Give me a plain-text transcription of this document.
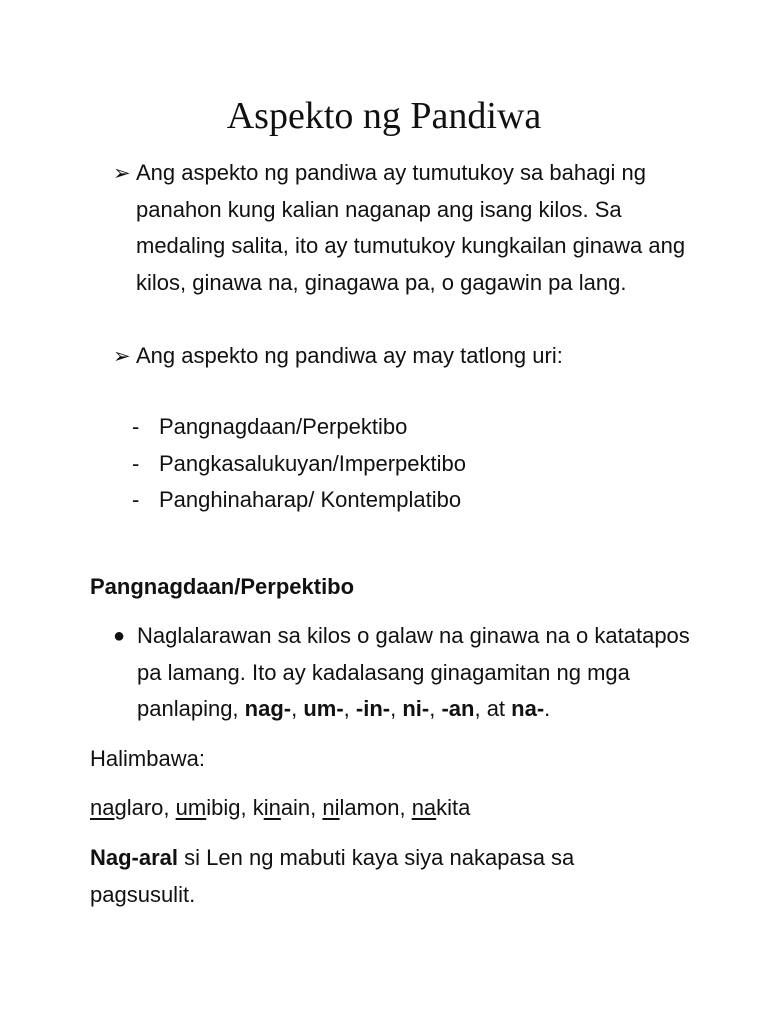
Aspekto ng Pandiwa
➢ Ang aspekto ng pandiwa ay tumutukoy sa bahagi ng panahon kung kalian naganap ang isang kilos. Sa medaling salita, ito ay tumutukoy kungkailan ginawa ang kilos, ginawa na, ginagawa pa, o gagawin pa lang.
➢ Ang aspekto ng pandiwa ay may tatlong uri:
- Pangnagdaan/Perpektibo
- Pangkasalukuyan/Imperpektibo
- Panghinaharap/ Kontemplatibo
Pangnagdaan/Perpektibo
● Naglalarawan sa kilos o galaw na ginawa na o katatapos pa lamang. Ito ay kadalasang ginagamitan ng mga panlaping, nag-, um-, -in-, ni-, -an, at na-.
Halimbawa:
naglaro, umibig, kinain, nilamon, nakita
Nag-aral si Len ng mabuti kaya siya nakapasa sa pagsusulit.
